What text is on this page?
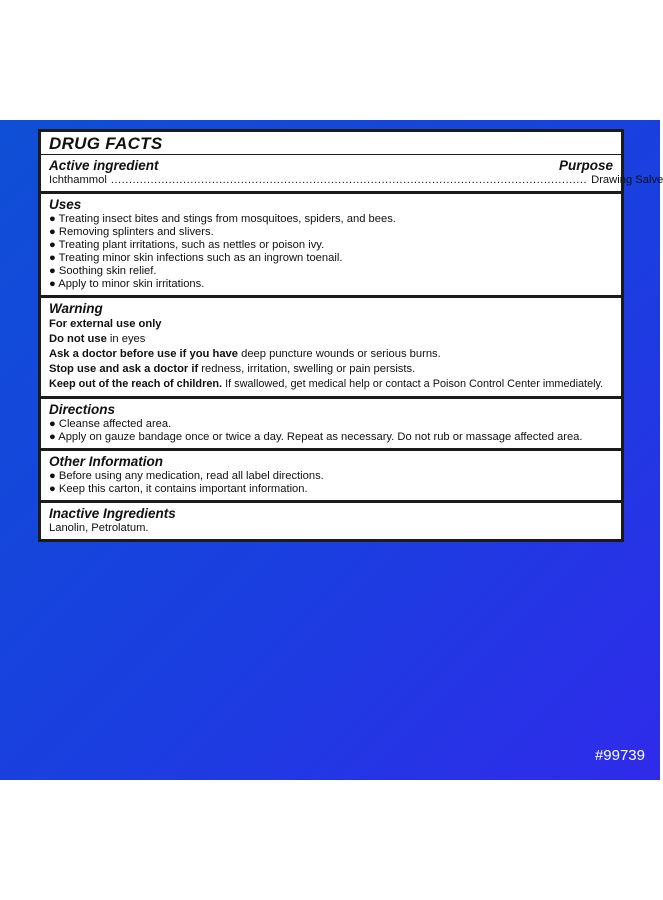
DRUG FACTS
Active ingredient	Purpose
Ichthammol .................................................................................................................................... Drawing Salve
Uses
● Treating insect bites and stings from mosquitoes, spiders, and bees.
● Removing splinters and slivers.
● Treating plant irritations, such as nettles or poison ivy.
● Treating minor skin infections such as an ingrown toenail.
● Soothing skin relief.
● Apply to minor skin irritations.
Warning
For external use only
Do not use in eyes
Ask a doctor before use if you have deep puncture wounds or serious burns.
Stop use and ask a doctor if redness, irritation, swelling or pain persists.
Keep out of the reach of children. If swallowed, get medical help or contact a Poison Control Center immediately.
Directions
● Cleanse affected area.
● Apply on gauze bandage once or twice a day. Repeat as necessary. Do not rub or massage affected area.
Other Information
● Before using any medication, read all label directions.
● Keep this carton, it contains important information.
Inactive Ingredients
Lanolin, Petrolatum.
#99739
